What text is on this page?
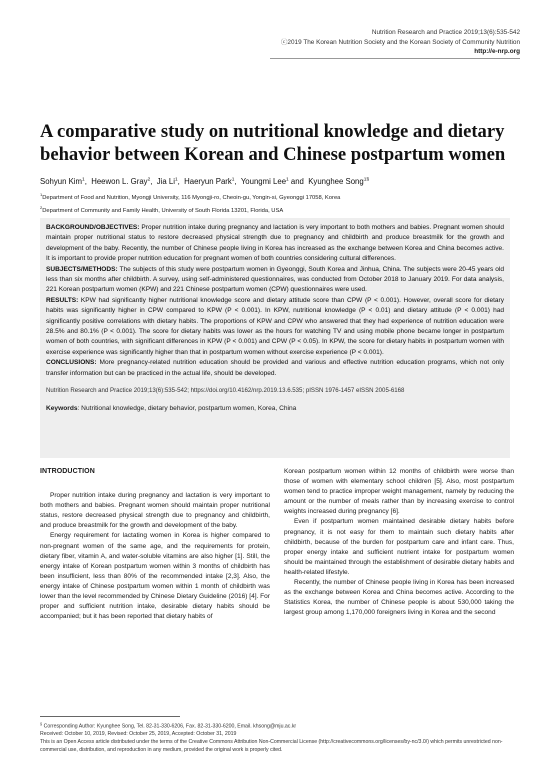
Nutrition Research and Practice 2019;13(6):535-542
ⓒ2019 The Korean Nutrition Society and the Korean Society of Community Nutrition
http://e-nrp.org
A comparative study on nutritional knowledge and dietary behavior between Korean and Chinese postpartum women
Sohyun Kim$^1$,  Heewon L. Gray$^2$,  Jia Li$^1$,  Haeryun Park$^1$,  Youngmi Lee$^1$ and  Kyunghee Song$^{1\S}$
$^1$Department of Food and Nutrition, Myongji University, 116 Myongji-ro, Cheoin-gu, Yongin-si, Gyeonggi 17058, Korea
$^2$Department of Community and Family Health, University of South Florida 13201, Florida, USA

BACKGROUND/OBJECTIVES: Proper nutrition intake during pregnancy and lactation is very important to both mothers and babies. Pregnant women should maintain proper nutritional status to restore decreased physical strength due to pregnancy and childbirth and produce breastmilk for the growth and development of the baby. Recently, the number of Chinese people living in Korea has increased as the exchange between Korea and China becomes active. It is important to provide proper nutrition education for pregnant women of both countries considering cultural differences.

SUBJECTS/METHODS: The subjects of this study were postpartum women in Gyeonggi, South Korea and Jinhua, China. The subjects were 20-45 years old less than six months after childbirth. A survey, using self-administered questionnaires, was conducted from October 2018 to January 2019. For data analysis, 221 Korean postpartum women (KPW) and 221 Chinese postpartum women (CPW) questionnaires were used.

RESULTS: KPW had significantly higher nutritional knowledge score and dietary attitude score than CPW (P < 0.001). However, overall score for dietary habits was significantly higher in CPW compared to KPW (P < 0.001). In KPW, nutritional knowledge (P < 0.01) and dietary attitude (P < 0.001) had significantly positive correlations with dietary habits. The proportions of KPW and CPW who answered that they had experience of nutrition education were 28.5% and 80.1% (P < 0.001). The score for dietary habits was lower as the hours for watching TV and using mobile phone became longer in postpartum women of both countries, with significant differences in KPW (P < 0.001) and CPW (P < 0.05). In KPW, the score for dietary habits in postpartum women with exercise experience was significantly higher than that in postpartum women without exercise experience (P < 0.001).

CONCLUSIONS: More pregnancy-related nutrition education should be provided and various and effective nutrition education programs, which not only transfer information but can be practiced in the actual life, should be developed.

Nutrition Research and Practice 2019;13(6):535-542; https://doi.org/10.4162/nrp.2019.13.6.535; pISSN 1976-1457 eISSN 2005-6168

Keywords: Nutritional knowledge, dietary behavior, postpartum women, Korea, China

INTRODUCTION

Proper nutrition intake during pregnancy and lactation is very important to both mothers and babies. Pregnant women should maintain proper nutritional status, restore decreased physical strength due to pregnancy and childbirth, and produce breastmilk for the growth and development of the baby.

Energy requirement for lactating women in Korea is higher compared to non-pregnant women of the same age, and the requirements for protein, dietary fiber, vitamin A, and water-soluble vitamins are also higher [1]. Still, the energy intake of Korean postpartum women within 3 months of childbirth has been insufficient, less than 80% of the recommended intake [2,3]. Also, the energy intake of Chinese postpartum women within 1 month of childbirth was lower than the level recommended by Chinese Dietary Guideline (2016) [4]. For proper and sufficient nutrition intake, desirable dietary habits should be accompanied; but it has been reported that dietary habits of

Korean postpartum women within 12 months of childbirth were worse than those of women with elementary school children [5]. Also, most postpartum women tend to practice improper weight management, namely by reducing the amount or the number of meals rather than by increasing exercise to control weights increased during pregnancy [6].

Even if postpartum women maintained desirable dietary habits before pregnancy, it is not easy for them to maintain such dietary habits after childbirth, because of the burden for postpartum care and infant care. Thus, proper energy intake and sufficient nutrient intake for postpartum women should be maintained through the establishment of desirable dietary habits and health-related lifestyle.

Recently, the number of Chinese people living in Korea has been increased as the exchange between Korea and China becomes active. According to the Statistics Korea, the number of Chinese people is about 530,000 taking the largest group among 1,170,000 foreigners living in Korea and the second

§ Corresponding Author: Kyunghee Song, Tel. 82-31-330-6206, Fax. 82-31-330-6200, Email. khsong@mju.ac.kr
Received: October 10, 2019, Revised: October 25, 2019, Accepted: October 31, 2019
This is an Open Access article distributed under the terms of the Creative Commons Attribution Non-Commercial License (http://creativecommons.org/licenses/by-nc/3.0/) which permits unrestricted non-commercial use, distribution, and reproduction in any medium, provided the original work is properly cited.
